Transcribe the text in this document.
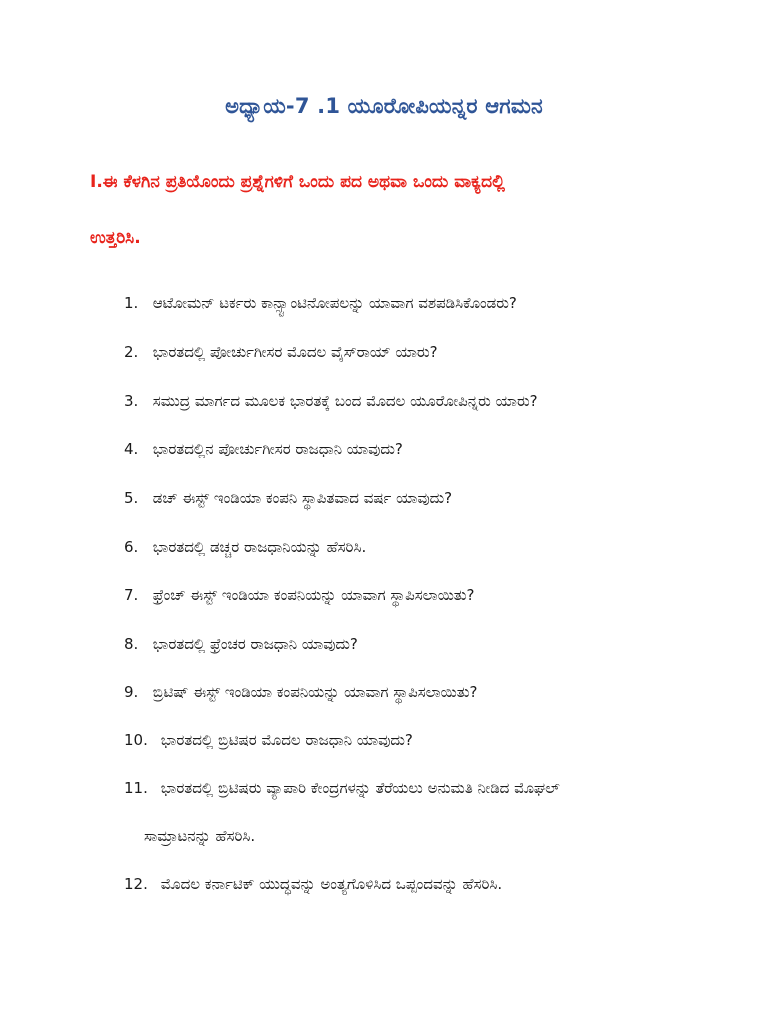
ಅಧ್ಯಾಯ-7 .1 ಯೂರೋಪಿಯನ್ನರ ಆಗಮನ
I.ಈ ಕೆಳಗಿನ ಪ್ರತಿಯೊಂದು ಪ್ರಶ್ನೆಗಳಿಗೆ ಒಂದು ಪದ ಅಥವಾ ಒಂದು ವಾಕ್ಯದಲ್ಲಿ
ಉತ್ತರಿಸಿ.
1. ಆಟೋಮನ್ ಟರ್ಕರು ಕಾನ್ಸ್ಟಾಂಟಿನೋಪಲನ್ನು ಯಾವಾಗ ವಶಪಡಿಸಿಕೊಂಡರು?
2. ಭಾರತದಲ್ಲಿ ಪೋರ್ಚುಗೀಸರ ಮೊದಲ ವೈಸ್‌ರಾಯ್ ಯಾರು?
3. ಸಮುದ್ರ ಮಾರ್ಗದ ಮೂಲಕ ಭಾರತಕ್ಕೆ ಬಂದ ಮೊದಲ ಯೂರೋಪಿನ್ನರು ಯಾರು?
4. ಭಾರತದಲ್ಲಿನ ಪೋರ್ಚುಗೀಸರ ರಾಜಧಾನಿ ಯಾವುದು?
5. ಡಚ್ ಈಸ್ಟ್ ಇಂಡಿಯಾ ಕಂಪನಿ ಸ್ಥಾಪಿತವಾದ ವರ್ಷ ಯಾವುದು?
6. ಭಾರತದಲ್ಲಿ ಡಚ್ಚರ ರಾಜಧಾನಿಯನ್ನು ಹೆಸರಿಸಿ.
7. ಫ್ರೆಂಚ್ ಈಸ್ಟ್ ಇಂಡಿಯಾ ಕಂಪನಿಯನ್ನು ಯಾವಾಗ ಸ್ಥಾಪಿಸಲಾಯಿತು?
8. ಭಾರತದಲ್ಲಿ ಫ್ರೆಂಚರ ರಾಜಧಾನಿ ಯಾವುದು?
9. ಬ್ರಿಟಿಷ್ ಈಸ್ಟ್ ಇಂಡಿಯಾ ಕಂಪನಿಯನ್ನು ಯಾವಾಗ ಸ್ಥಾಪಿಸಲಾಯಿತು?
10. ಭಾರತದಲ್ಲಿ ಬ್ರಿಟಿಷರ ಮೊದಲ ರಾಜಧಾನಿ ಯಾವುದು?
11. ಭಾರತದಲ್ಲಿ ಬ್ರಿಟಿಷರು ವ್ಯಾಪಾರಿ ಕೇಂದ್ರಗಳನ್ನು ತೆರೆಯಲು ಅನುಮತಿ ನೀಡಿದ ಮೊಘಲ್
ಸಾಮ್ರಾಟನನ್ನು ಹೆಸರಿಸಿ.
12. ಮೊದಲ ಕರ್ನಾಟಿಕ್ ಯುದ್ಧವನ್ನು ಅಂತ್ಯಗೊಳಿಸಿದ ಒಪ್ಪಂದವನ್ನು ಹೆಸರಿಸಿ.
